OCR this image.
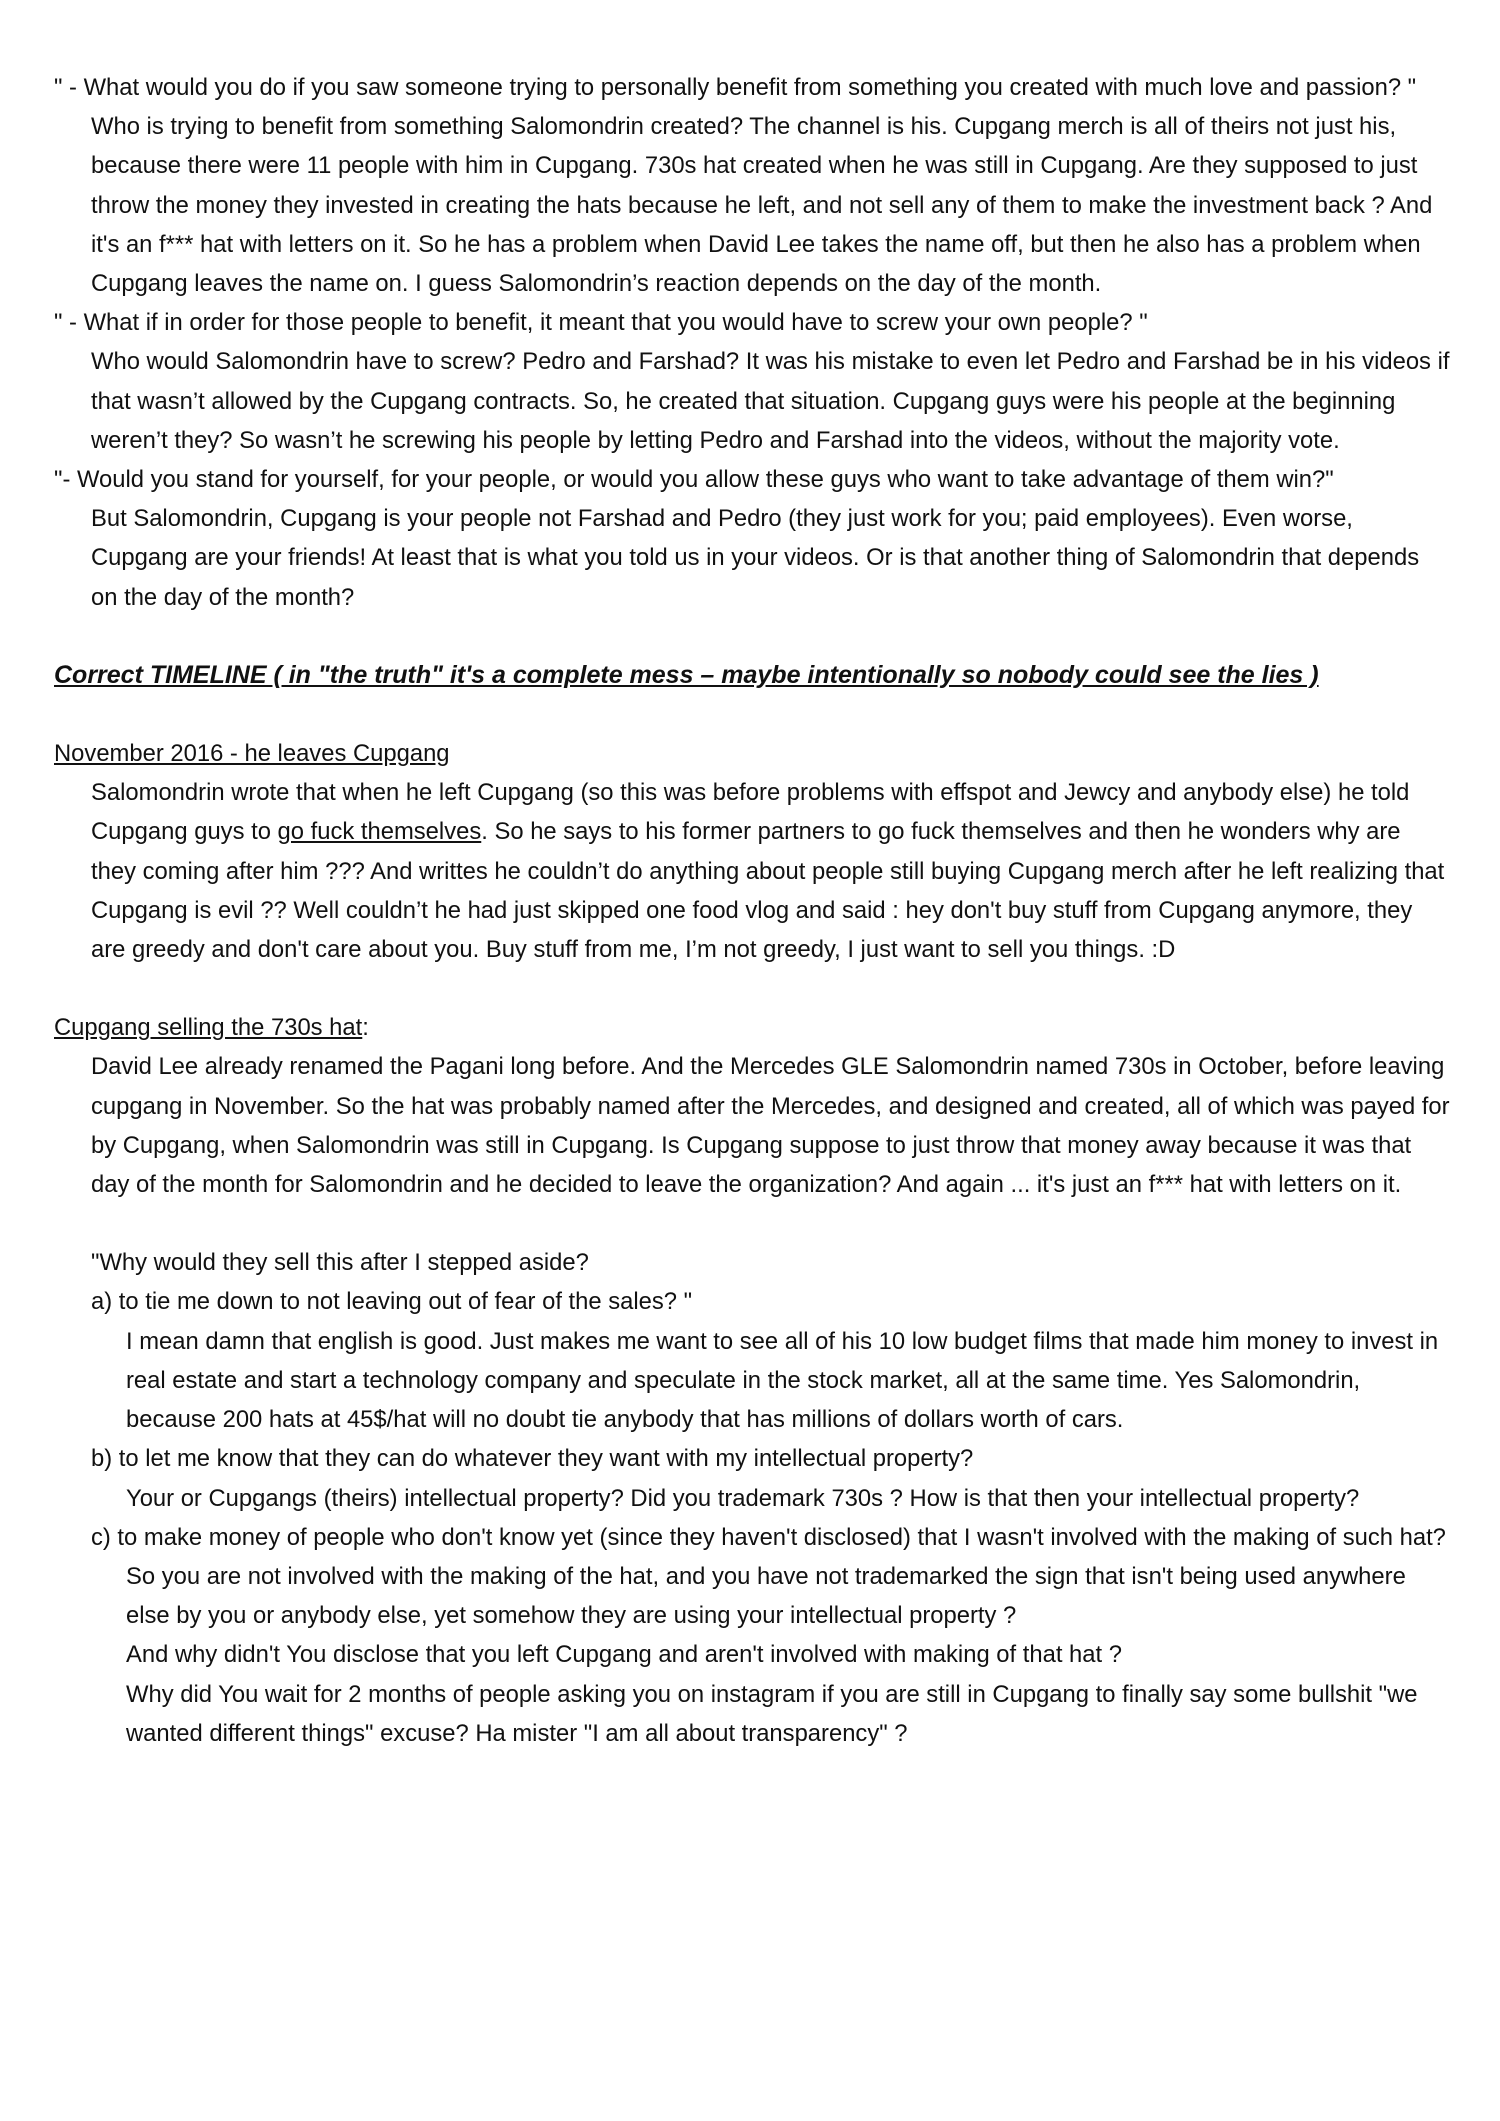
" - What would you do if you saw someone trying to personally benefit from something you created with much love and passion? "

Who is trying to benefit from something Salomondrin created? The channel is his. Cupgang merch is all of theirs not just his, because there were 11 people with him in Cupgang. 730s hat created when he was still in Cupgang. Are they supposed to just throw the money they invested in creating the hats because he left, and not sell any of them to make the investment back ? And it's an f*** hat with letters on it. So he has a problem when David Lee takes the name off, but then he also has a problem when Cupgang leaves the name on. I guess Salomondrin’s reaction depends on the day of the month.

" - What if in order for those people to benefit, it meant that you would have to screw your own people? "

Who would Salomondrin have to screw? Pedro and Farshad? It was his mistake to even let Pedro and Farshad be in his videos if that wasn’t allowed by the Cupgang contracts. So, he created that situation. Cupgang guys were his people at the beginning weren’t they? So wasn’t he screwing his people by letting Pedro and Farshad into the videos, without the majority vote.

"- Would you stand for yourself, for your people, or would you allow these guys who want to take advantage of them win?"

But Salomondrin, Cupgang is your people not Farshad and Pedro (they just work for you; paid employees). Even worse, Cupgang are your friends! At least that is what you told us in your videos. Or is that another thing of Salomondrin that depends on the day of the month?

Correct TIMELINE ( in "the truth" it's a complete mess – maybe intentionally so nobody could see the lies )

November 2016 - he leaves Cupgang

Salomondrin wrote that when he left Cupgang (so this was before problems with effspot and Jewcy and anybody else) he told Cupgang guys to go fuck themselves. So he says to his former partners to go fuck themselves and then he wonders why are they coming after him ??? And writtes he couldn’t do anything about people still buying Cupgang merch after he left realizing that Cupgang is evil ?? Well couldn’t he had just skipped one food vlog and said : hey don't buy stuff from Cupgang anymore, they are greedy and don't care about you. Buy stuff from me, I’m not greedy, I just want to sell you things. :D

Cupgang selling the 730s hat:

David Lee already renamed the Pagani long before. And the Mercedes GLE Salomondrin named 730s in October, before leaving cupgang in November. So the hat was probably named after the Mercedes, and designed and created, all of which was payed for by Cupgang, when Salomondrin was still in Cupgang. Is Cupgang suppose to just throw that money away because it was that day of the month for Salomondrin and he decided to leave the organization? And again ... it's just an f*** hat with letters on it.

"Why would they sell this after I stepped aside?

a) to tie me down to not leaving out of fear of the sales? "

I mean damn that english is good. Just makes me want to see all of his 10 low budget films that made him money to invest in real estate and start a technology company and speculate in the stock market, all at the same time. Yes Salomondrin, because 200 hats at 45$/hat will no doubt tie anybody that has millions of dollars worth of cars.

b) to let me know that they can do whatever they want with my intellectual property?

Your or Cupgangs (theirs) intellectual property? Did you trademark 730s ? How is that then your intellectual property?

c) to make money of people who don't know yet (since they haven't disclosed) that I wasn't involved with the making of such hat?

So you are not involved with the making of the hat, and you have not trademarked the sign that isn't being used anywhere else by you or anybody else, yet somehow they are using your intellectual property ?

And why didn't You disclose that you left Cupgang and aren't involved with making of that hat ?

Why did You wait for 2 months of people asking you on instagram if you are still in Cupgang to finally say some bullshit "we wanted different things" excuse? Ha mister "I am all about transparency" ?
